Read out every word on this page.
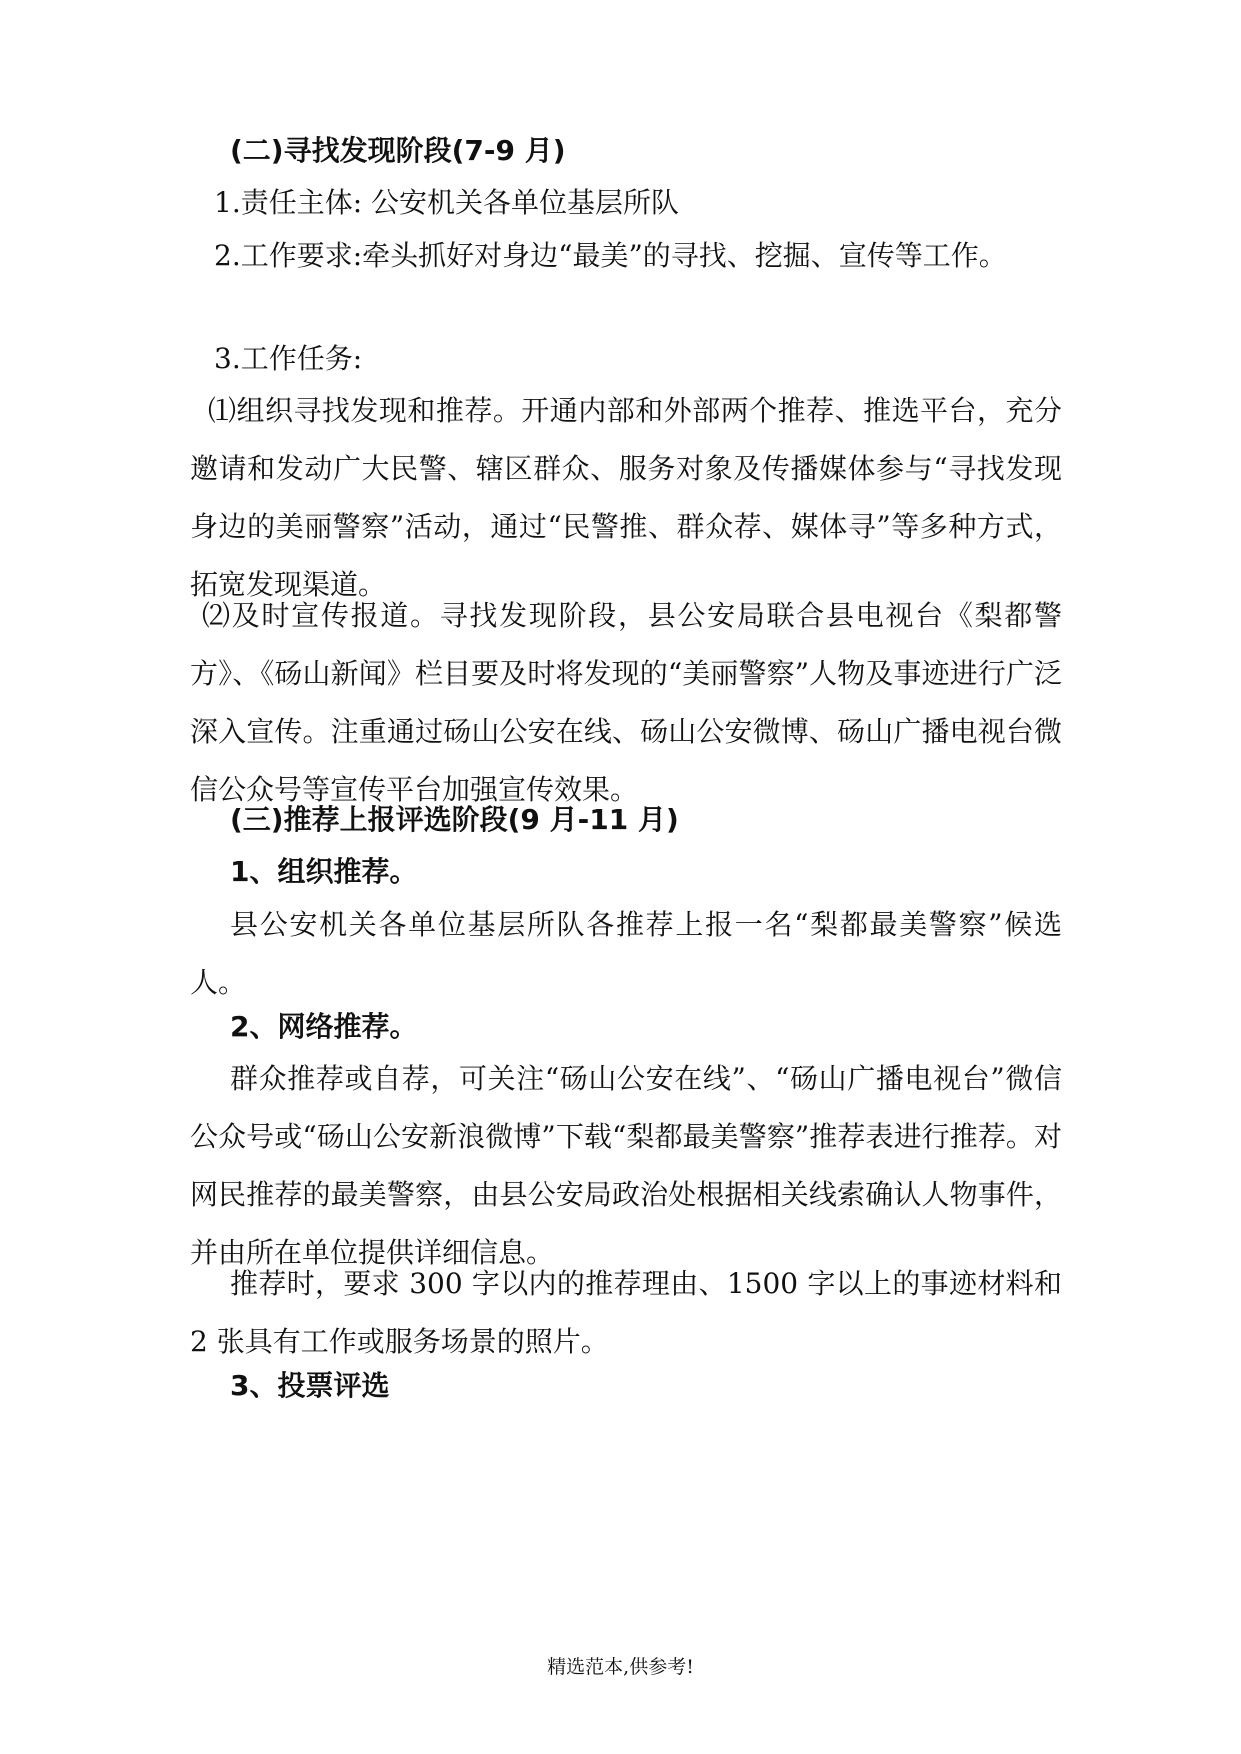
(二)寻找发现阶段(7-9 月)

1.责任主体: 公安机关各单位基层所队

2.工作要求:牵头抓好对身边“最美”的寻找、挖掘、宣传等工作。

3.工作任务:

⑴组织寻找发现和推荐。开通内部和外部两个推荐、推选平台，充分邀请和发动广大民警、辖区群众、服务对象及传播媒体参与“寻找发现身边的美丽警察”活动，通过“民警推、群众荐、媒体寻”等多种方式，拓宽发现渠道。

⑵及时宣传报道。寻找发现阶段，县公安局联合县电视台《梨都警方》、《砀山新闻》栏目要及时将发现的“美丽警察”人物及事迹进行广泛深入宣传。注重通过砀山公安在线、砀山公安微博、砀山广播电视台微信公众号等宣传平台加强宣传效果。

(三)推荐上报评选阶段(9 月-11 月)

1、组织推荐。

县公安机关各单位基层所队各推荐上报一名“梨都最美警察”候选人。

2、网络推荐。

群众推荐或自荐，可关注“砀山公安在线”、“砀山广播电视台”微信公众号或“砀山公安新浪微博”下载“梨都最美警察”推荐表进行推荐。对网民推荐的最美警察，由县公安局政治处根据相关线索确认人物事件，并由所在单位提供详细信息。

推荐时，要求 300 字以内的推荐理由、1500 字以上的事迹材料和 2 张具有工作或服务场景的照片。

3、投票评选

精选范本,供参考!
